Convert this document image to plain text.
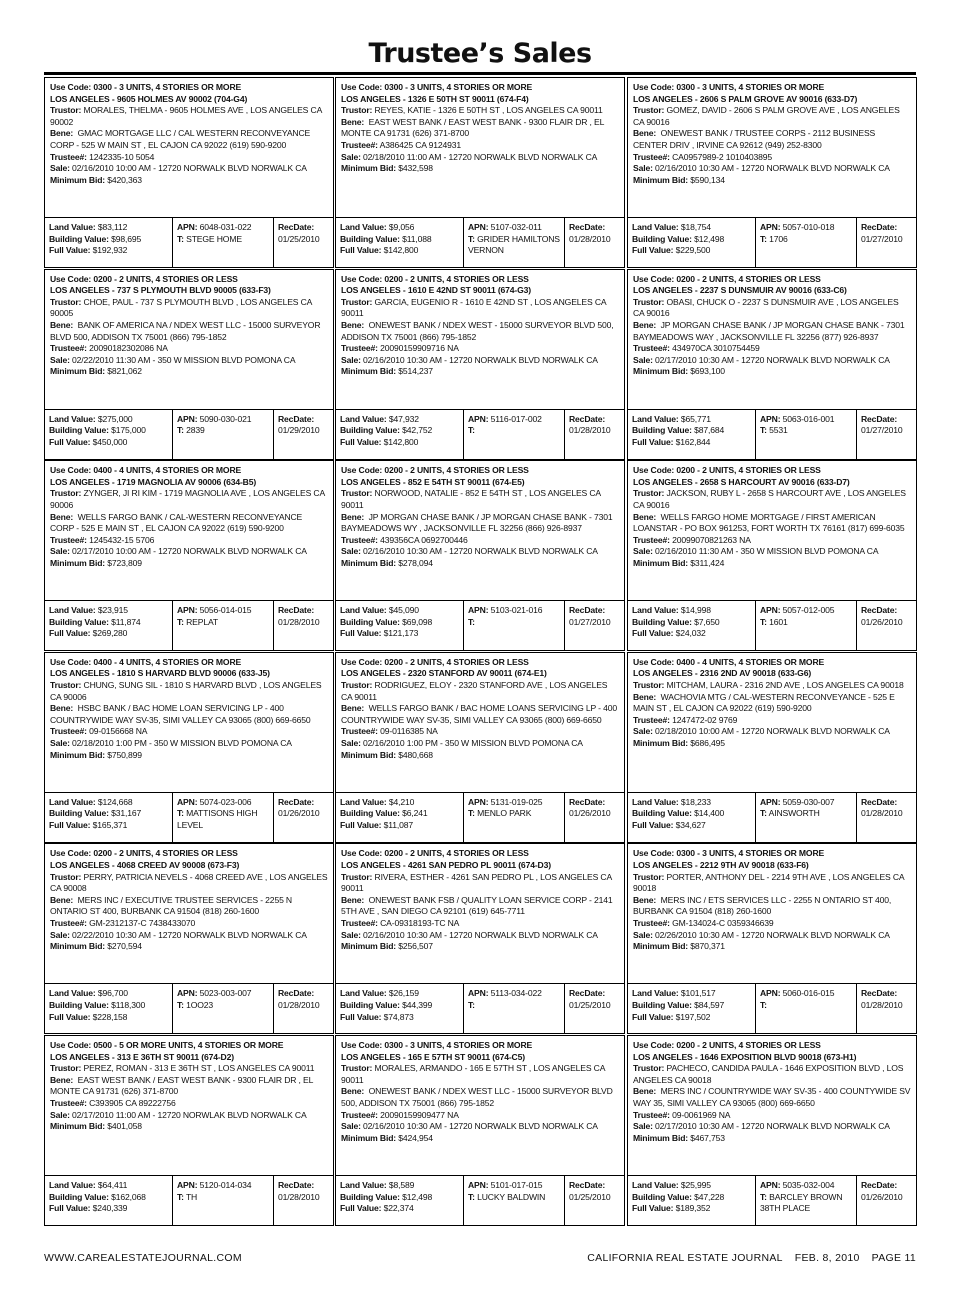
Trustee’s Sales
Use Code: 0300 - 3 UNITS, 4 STORIES OR MORE
LOS ANGELES - 9605 HOLMES AV 90002 (704-G4)
Trustor: MORALES, THELMA - 9605 HOLMES AVE , LOS ANGELES CA 90002
Bene: GMAC MORTGAGE LLC / CAL WESTERN RECONVEYANCE CORP - 525 W MAIN ST , EL CAJON CA 92022 (619) 590-9200
Trustee#: 1242335-10 5054
Sale: 02/16/2010 10:00 AM - 12720 NORWALK BLVD NORWALK CA
Minimum Bid: $420,363
Land Value: $83,112
Building Value: $98,695
Full Value: $192,932
APN: 6048-031-022
T: STEGE HOME
RecDate:
01/25/2010
Use Code: 0200 - 2 UNITS, 4 STORIES OR LESS
LOS ANGELES - 737 S PLYMOUTH BLVD 90005 (633-F3)
Trustor: CHOE, PAUL - 737 S PLYMOUTH BLVD , LOS ANGELES CA 90005
Bene: BANK OF AMERICA NA / NDEX WEST LLC - 15000 SURVEYOR BLVD 500, ADDISON TX 75001 (866) 795-1852
Trustee#: 20090182302086 NA
Sale: 02/22/2010 11:30 AM - 350 W MISSION BLVD POMONA CA
Minimum Bid: $821,062
Land Value: $275,000
Building Value: $175,000
Full Value: $450,000
APN: 5090-030-021
T: 2839
RecDate:
01/29/2010
Use Code: 0400 - 4 UNITS, 4 STORIES OR MORE
LOS ANGELES - 1719 MAGNOLIA AV 90006 (634-B5)
Trustor: ZYNGER, JI RI KIM - 1719 MAGNOLIA AVE , LOS ANGELES CA 90006
Bene: WELLS FARGO BANK / CAL-WESTERN RECONVEYANCE CORP - 525 E MAIN ST , EL CAJON CA 92022 (619) 590-9200
Trustee#: 1245432-15 5706
Sale: 02/17/2010 10:00 AM - 12720 NORWALK BLVD NORWALK CA
Minimum Bid: $723,809
Land Value: $23,915
Building Value: $11,874
Full Value: $269,280
APN: 5056-014-015
T: REPLAT
RecDate:
01/28/2010
Use Code: 0400 - 4 UNITS, 4 STORIES OR MORE
LOS ANGELES - 1810 S HARVARD BLVD 90006 (633-J5)
Trustor: CHUNG, SUNG SIL - 1810 S HARVARD BLVD , LOS ANGELES CA 90006
Bene: HSBC BANK / BAC HOME LOAN SERVICING LP - 400 COUNTRYWIDE WAY SV-35, SIMI VALLEY CA 93065 (800) 669-6650
Trustee#: 09-0156668 NA
Sale: 02/18/2010 1:00 PM - 350 W MISSION BLVD POMONA CA
Minimum Bid: $750,899
Land Value: $124,668
Building Value: $31,167
Full Value: $165,371
APN: 5074-023-006
T: MATTISONS HIGH LEVEL
RecDate:
01/26/2010
Use Code: 0200 - 2 UNITS, 4 STORIES OR LESS
LOS ANGELES - 4068 CREED AV 90008 (673-F3)
Trustor: PERRY, PATRICIA NEVELS - 4068 CREED AVE , LOS ANGELES CA 90008
Bene: MERS INC / EXECUTIVE TRUSTEE SERVICES - 2255 N ONTARIO ST 400, BURBANK CA 91504 (818) 260-1600
Trustee#: GM-2312137-C 7438433070
Sale: 02/22/2010 10:30 AM - 12720 NORWALK BLVD NORWALK CA
Minimum Bid: $270,594
Land Value: $96,700
Building Value: $118,300
Full Value: $228,158
APN: 5023-003-007
T: 1OO23
RecDate:
01/28/2010
Use Code: 0500 - 5 OR MORE UNITS, 4 STORIES OR MORE
LOS ANGELES - 313 E 36TH ST 90011 (674-D2)
Trustor: PEREZ, ROMAN - 313 E 36TH ST , LOS ANGELES CA 90011
Bene: EAST WEST BANK / EAST WEST BANK - 9300 FLAIR DR , EL MONTE CA 91731 (626) 371-8700
Trustee#: C393905 CA 89222756
Sale: 02/17/2010 11:00 AM - 12720 NORWLAK BLVD NORWALK CA
Minimum Bid: $401,058
Land Value: $64,411
Building Value: $162,068
Full Value: $240,339
APN: 5120-014-034
T: TH
RecDate:
01/28/2010
Use Code: 0300 - 3 UNITS, 4 STORIES OR MORE
LOS ANGELES - 1326 E 50TH ST 90011 (674-F4)
Trustor: REYES, KATIE - 1326 E 50TH ST , LOS ANGELES CA 90011
Bene: EAST WEST BANK / EAST WEST BANK - 9300 FLAIR DR , EL MONTE CA 91731 (626) 371-8700
Trustee#: A386425 CA 9124931
Sale: 02/18/2010 11:00 AM - 12720 NORWALK BLVD NORWALK CA
Minimum Bid: $432,598
Land Value: $9,056
Building Value: $11,088
Full Value: $142,800
APN: 5107-032-011
T: GRIDER HAMILTONS VERNON
RecDate:
01/28/2010
Use Code: 0200 - 2 UNITS, 4 STORIES OR LESS
LOS ANGELES - 1610 E 42ND ST 90011 (674-G3)
Trustor: GARCIA, EUGENIO R - 1610 E 42ND ST , LOS ANGELES CA 90011
Bene: ONEWEST BANK / NDEX WEST - 15000 SURVEYOR BLVD 500, ADDISON TX 75001 (866) 795-1852
Trustee#: 20090159909716 NA
Sale: 02/16/2010 10:30 AM - 12720 NORWALK BLVD NORWALK CA
Minimum Bid: $514,237
Land Value: $47,932
Building Value: $42,752
Full Value: $142,800
APN: 5116-017-002
T:
RecDate:
01/28/2010
Use Code: 0200 - 2 UNITS, 4 STORIES OR LESS
LOS ANGELES - 852 E 54TH ST 90011 (674-E5)
Trustor: NORWOOD, NATALIE - 852 E 54TH ST , LOS ANGELES CA 90011
Bene: JP MORGAN CHASE BANK / JP MORGAN CHASE BANK - 7301 BAYMEADOWS WY , JACKSONVILLE FL 32256 (866) 926-8937
Trustee#: 439356CA 0692700446
Sale: 02/16/2010 10:30 AM - 12720 NORWALK BLVD NORWALK CA
Minimum Bid: $278,094
Land Value: $45,090
Building Value: $69,098
Full Value: $121,173
APN: 5103-021-016
T:
RecDate:
01/27/2010
Use Code: 0200 - 2 UNITS, 4 STORIES OR LESS
LOS ANGELES - 2320 STANFORD AV 90011 (674-E1)
Trustor: RODRIGUEZ, ELOY - 2320 STANFORD AVE , LOS ANGELES CA 90011
Bene: WELLS FARGO BANK / BAC HOME LOANS SERVICING LP - 400 COUNTRYWIDE WAY SV-35, SIMI VALLEY CA 93065 (800) 669-6650
Trustee#: 09-0116385 NA
Sale: 02/16/2010 1:00 PM - 350 W MISSION BLVD POMONA CA
Minimum Bid: $480,668
Land Value: $4,210
Building Value: $6,241
Full Value: $11,087
APN: 5131-019-025
T: MENLO PARK
RecDate:
01/26/2010
Use Code: 0200 - 2 UNITS, 4 STORIES OR LESS
LOS ANGELES - 4261 SAN PEDRO PL 90011 (674-D3)
Trustor: RIVERA, ESTHER - 4261 SAN PEDRO PL , LOS ANGELES CA 90011
Bene: ONEWEST BANK FSB / QUALITY LOAN SERVICE CORP - 2141 5TH AVE , SAN DIEGO CA 92101 (619) 645-7711
Trustee#: CA-09318193-TC NA
Sale: 02/16/2010 10:30 AM - 12720 NORWALK BLVD NORWALK CA
Minimum Bid: $256,507
Land Value: $26,159
Building Value: $44,399
Full Value: $74,873
APN: 5113-034-022
T:
RecDate:
01/25/2010
Use Code: 0300 - 3 UNITS, 4 STORIES OR MORE
LOS ANGELES - 165 E 57TH ST 90011 (674-C5)
Trustor: MORALES, ARMANDO - 165 E 57TH ST , LOS ANGELES CA 90011
Bene: ONEWEST BANK / NDEX WEST LLC - 15000 SURVEYOR BLVD 500, ADDISON TX 75001 (866) 795-1852
Trustee#: 20090159909477 NA
Sale: 02/16/2010 10:30 AM - 12720 NORWALK BLVD NORWALK CA
Minimum Bid: $424,954
Land Value: $8,589
Building Value: $12,498
Full Value: $22,374
APN: 5101-017-015
T: LUCKY BALDWIN
RecDate:
01/25/2010
Use Code: 0300 - 3 UNITS, 4 STORIES OR MORE
LOS ANGELES - 2606 S PALM GROVE AV 90016 (633-D7)
Trustor: GOMEZ, DAVID - 2606 S PALM GROVE AVE , LOS ANGELES CA 90016
Bene: ONEWEST BANK / TRUSTEE CORPS - 2112 BUSINESS CENTER DRIV , IRVINE CA 92612 (949) 252-8300
Trustee#: CA0957989-2 1010403895
Sale: 02/16/2010 10:30 AM - 12720 NORWALK BLVD NORWALK CA
Minimum Bid: $590,134
Land Value: $18,754
Building Value: $12,498
Full Value: $229,500
APN: 5057-010-018
T: 1706
RecDate:
01/27/2010
Use Code: 0200 - 2 UNITS, 4 STORIES OR LESS
LOS ANGELES - 2237 S DUNSMUIR AV 90016 (633-C6)
Trustor: OBASI, CHUCK O - 2237 S DUNSMUIR AVE , LOS ANGELES CA 90016
Bene: JP MORGAN CHASE BANK / JP MORGAN CHASE BANK - 7301 BAYMEADOWS WAY , JACKSONVILLE FL 32256 (877) 926-8937
Trustee#: 434970CA 3010754459
Sale: 02/17/2010 10:30 AM - 12720 NORWALK BLVD NORWALK CA
Minimum Bid: $693,100
Land Value: $65,771
Building Value: $87,684
Full Value: $162,844
APN: 5063-016-001
T: 5531
RecDate:
01/27/2010
Use Code: 0200 - 2 UNITS, 4 STORIES OR LESS
LOS ANGELES - 2658 S HARCOURT AV 90016 (633-D7)
Trustor: JACKSON, RUBY L - 2658 S HARCOURT AVE , LOS ANGELES CA 90016
Bene: WELLS FARGO HOME MORTGAGE / FIRST AMERICAN LOANSTAR - PO BOX 961253, FORT WORTH TX 76161 (817) 699-6035
Trustee#: 20099070821263 NA
Sale: 02/16/2010 11:30 AM - 350 W MISSION BLVD POMONA CA
Minimum Bid: $311,424
Land Value: $14,998
Building Value: $7,650
Full Value: $24,032
APN: 5057-012-005
T: 1601
RecDate:
01/26/2010
Use Code: 0400 - 4 UNITS, 4 STORIES OR MORE
LOS ANGELES - 2316 2ND AV 90018 (633-G6)
Trustor: MITCHAM, LAURA - 2316 2ND AVE , LOS ANGELES CA 90018
Bene: WACHOVIA MTG / CAL-WESTERN RECONVEYANCE - 525 E MAIN ST , EL CAJON CA 92022 (619) 590-9200
Trustee#: 1247472-02 9769
Sale: 02/18/2010 10:00 AM - 12720 NORWALK BLVD NORWALK CA
Minimum Bid: $686,495
Land Value: $18,233
Building Value: $14,400
Full Value: $34,627
APN: 5059-030-007
T: AINSWORTH
RecDate:
01/28/2010
Use Code: 0300 - 3 UNITS, 4 STORIES OR MORE
LOS ANGELES - 2212 9TH AV 90018 (633-F6)
Trustor: PORTER, ANTHONY DEL - 2214 9TH AVE , LOS ANGELES CA 90018
Bene: MERS INC / ETS SERVICES LLC - 2255 N ONTARIO ST 400, BURBANK CA 91504 (818) 260-1600
Trustee#: GM-134024-C 0359346639
Sale: 02/26/2010 10:30 AM - 12720 NORWALK BLVD NORWALK CA
Minimum Bid: $870,371
Land Value: $101,517
Building Value: $84,597
Full Value: $197,502
APN: 5060-016-015
T:
RecDate:
01/28/2010
Use Code: 0200 - 2 UNITS, 4 STORIES OR LESS
LOS ANGELES - 1646 EXPOSITION BLVD 90018 (673-H1)
Trustor: PACHECO, CANDIDA PAULA - 1646 EXPOSITION BLVD , LOS ANGELES CA 90018
Bene: MERS INC / COUNTRYWIDE WAY SV-35 - 400 COUNTYWIDE SV WAY 35, SIMI VALLEY CA 93065 (800) 669-6650
Trustee#: 09-0061969 NA
Sale: 02/17/2010 10:30 AM - 12720 NORWALK BLVD NORWALK CA
Minimum Bid: $467,753
Land Value: $25,995
Building Value: $47,228
Full Value: $189,352
APN: 5035-032-004
T: BARCLEY BROWN 38TH PLACE
RecDate:
01/26/2010
WWW.CAREALESTATEJOURNAL.COM	CALIFORNIA REAL ESTATE JOURNAL FEB. 8, 2010 PAGE 11
